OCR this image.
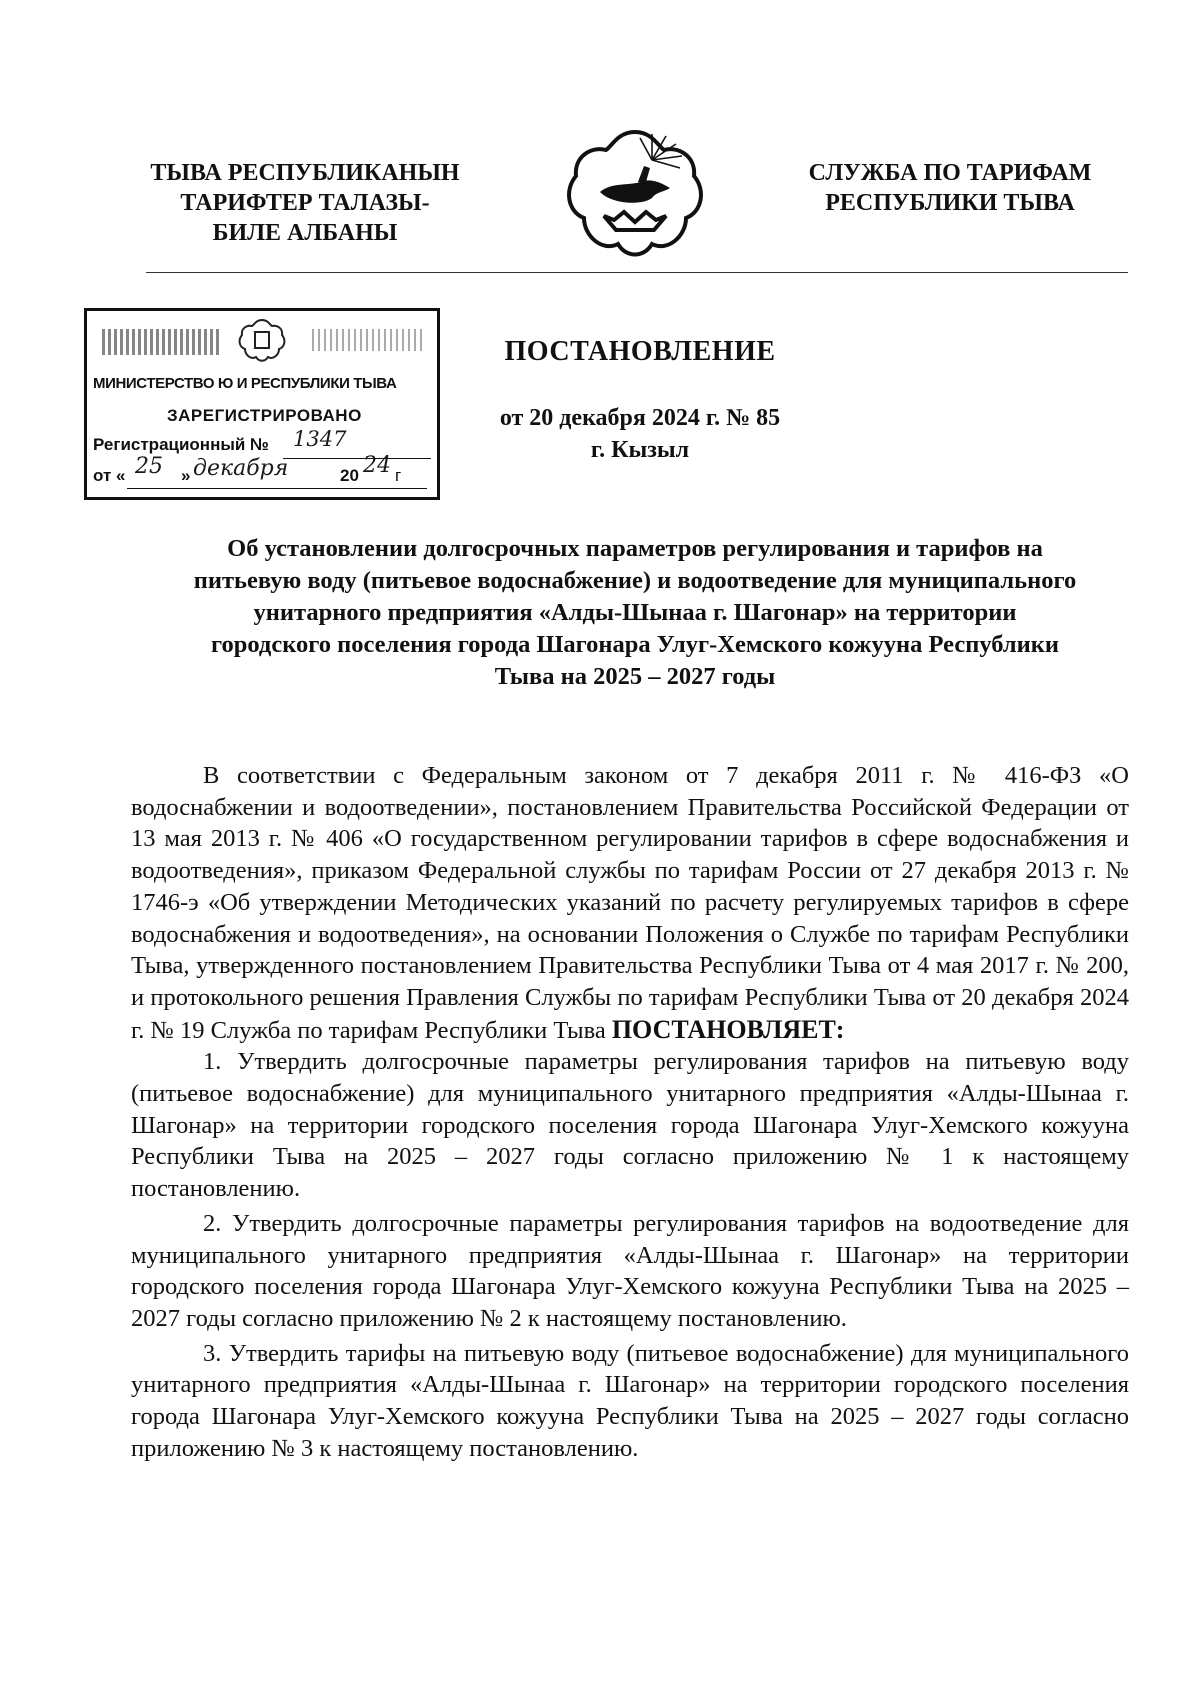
ТЫВА РЕСПУБЛИКАНЫН
ТАРИФТЕР ТАЛАЗЫ-
БИЛЕ АЛБАНЫ
СЛУЖБА ПО ТАРИФАМ
РЕСПУБЛИКИ ТЫВА
МИНИСТЕРСТВО Ю И РЕСПУБЛИКИ ТЫВА
ЗАРЕГИСТРИРОВАНО
Регистрационный № 1347
от « 25 » декабря	20 24 г
ПОСТАНОВЛЕНИЕ
от 20 декабря 2024 г. № 85
г. Кызыл
Об установлении долгосрочных параметров регулирования и тарифов на
питьевую воду (питьевое водоснабжение) и водоотведение для муниципального
унитарного предприятия «Алды-Шынаа г. Шагонар» на территории
городского поселения города Шагонара Улуг-Хемского кожууна Республики
Тыва на 2025 – 2027 годы

В соответствии с Федеральным законом от 7 декабря 2011 г. № 416-ФЗ «О водоснабжении и водоотведении», постановлением Правительства Российской Федерации от 13 мая 2013 г. № 406 «О государственном регулировании тарифов в сфере водоснабжения и водоотведения», приказом Федеральной службы по тарифам России от 27 декабря 2013 г. № 1746-э «Об утверждении Методических указаний по расчету регулируемых тарифов в сфере водоснабжения и водоотведения», на основании Положения о Службе по тарифам Республики Тыва, утвержденного постановлением Правительства Республики Тыва от 4 мая 2017 г. № 200, и протокольного решения Правления Службы по тарифам Республики Тыва от 20 декабря 2024 г. № 19 Служба по тарифам Республики Тыва ПОСТАНОВЛЯЕТ:

1. Утвердить долгосрочные параметры регулирования тарифов на питьевую воду (питьевое водоснабжение) для муниципального унитарного предприятия «Алды-Шынаа г. Шагонар» на территории городского поселения города Шагонара Улуг-Хемского кожууна Республики Тыва на 2025 – 2027 годы согласно приложению № 1 к настоящему постановлению.

2. Утвердить долгосрочные параметры регулирования тарифов на водоотведение для муниципального унитарного предприятия «Алды-Шынаа г. Шагонар» на территории городского поселения города Шагонара Улуг-Хемского кожууна Республики Тыва на 2025 – 2027 годы согласно приложению № 2 к настоящему постановлению.

3. Утвердить тарифы на питьевую воду (питьевое водоснабжение) для муниципального унитарного предприятия «Алды-Шынаа г. Шагонар» на территории городского поселения города Шагонара Улуг-Хемского кожууна Республики Тыва на 2025 – 2027 годы согласно приложению № 3 к настоящему постановлению.
